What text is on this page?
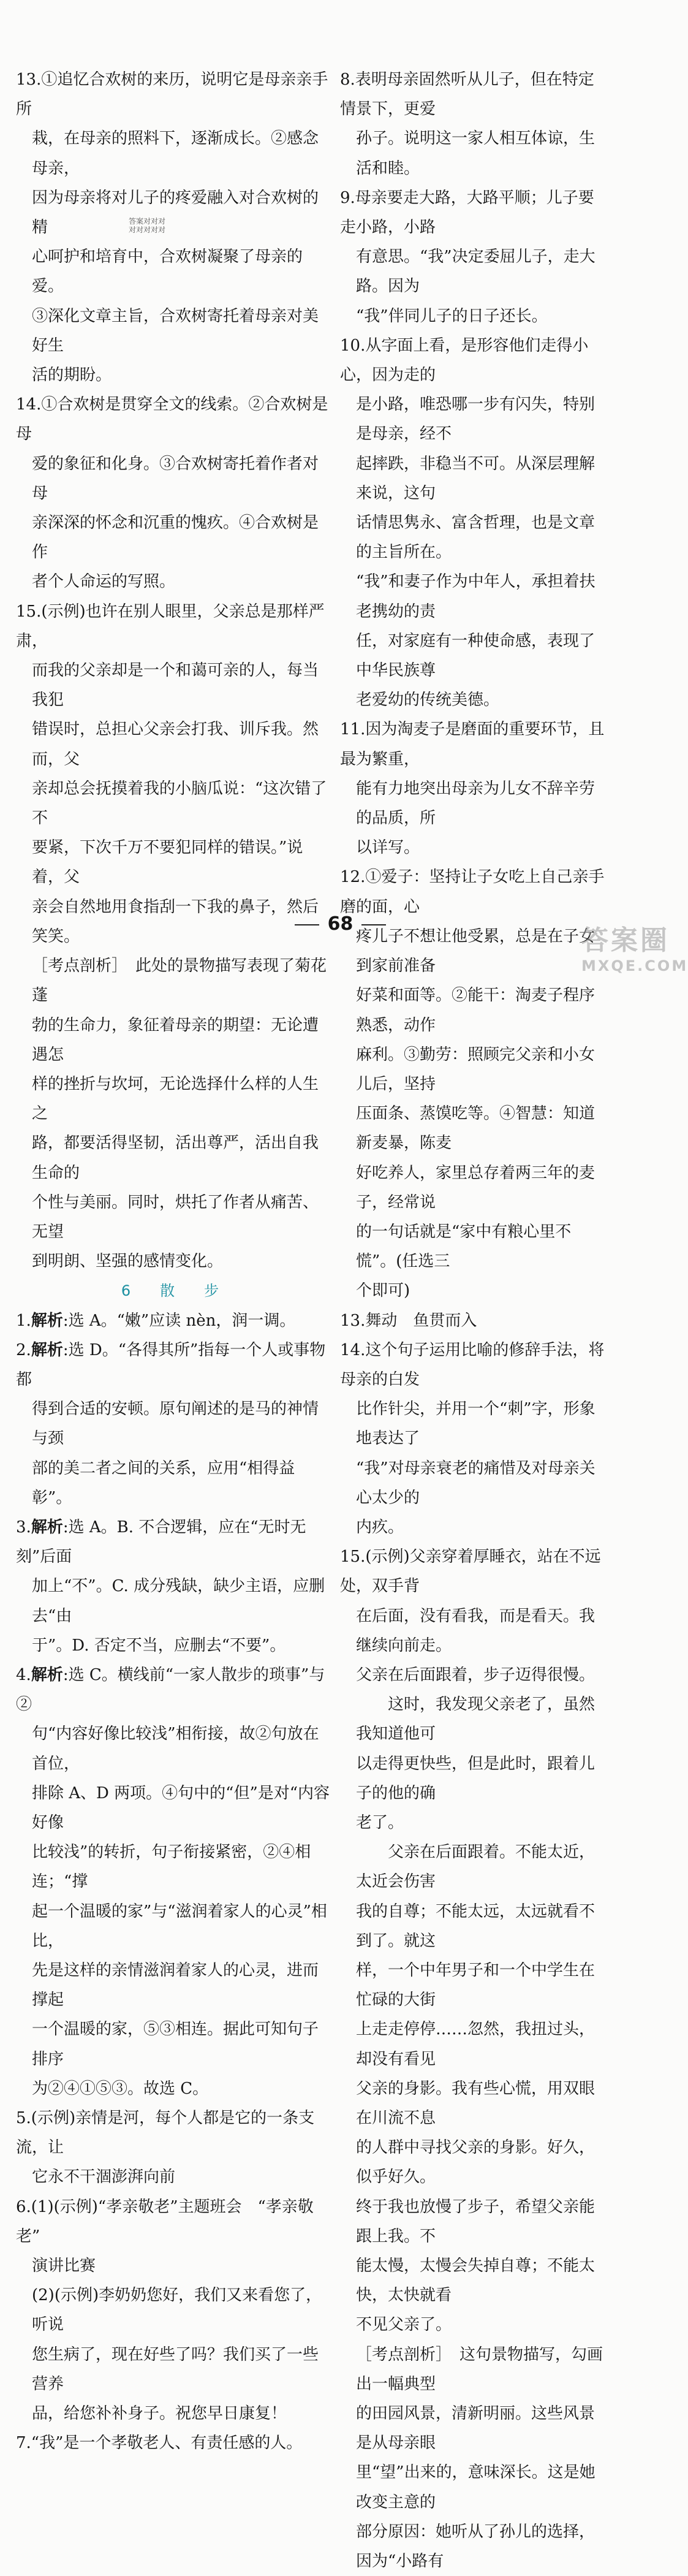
13.①追忆合欢树的来历，说明它是母亲亲手所
栽，在母亲的照料下，逐渐成长。②感念母亲，
因为母亲将对儿子的疼爱融入对合欢树的精
心呵护和培育中，合欢树凝聚了母亲的爱。
③深化文章主旨，合欢树寄托着母亲对美好生
活的期盼。
14.①合欢树是贯穿全文的线索。②合欢树是母
爱的象征和化身。③合欢树寄托着作者对母
亲深深的怀念和沉重的愧疚。④合欢树是作
者个人命运的写照。
15.(示例)也许在别人眼里，父亲总是那样严肃，
而我的父亲却是一个和蔼可亲的人，每当我犯
错误时，总担心父亲会打我、训斥我。然而，父
亲却总会抚摸着我的小脑瓜说：“这次错了不
要紧，下次千万不要犯同样的错误。”说着，父
亲会自然地用食指刮一下我的鼻子，然后
笑笑。
［考点剖析］　此处的景物描写表现了菊花蓬
勃的生命力，象征着母亲的期望：无论遭遇怎
样的挫折与坎坷，无论选择什么样的人生之
路，都要活得坚韧，活出尊严，活出自我生命的
个性与美丽。同时，烘托了作者从痛苦、无望
到明朗、坚强的感情变化。
6　散　步
1.解析:选 A。“嫩”应读 nèn，润一调。
2.解析:选 D。“各得其所”指每一个人或事物都
得到合适的安顿。原句阐述的是马的神情与颈
部的美二者之间的关系，应用“相得益彰”。
3.解析:选 A。B. 不合逻辑，应在“无时无刻”后面
加上“不”。C. 成分残缺，缺少主语，应删去“由
于”。D. 否定不当，应删去“不要”。
4.解析:选 C。横线前“一家人散步的琐事”与②
句“内容好像比较浅”相衔接，故②句放在首位，
排除 A、D 两项。④句中的“但”是对“内容好像
比较浅”的转折，句子衔接紧密，②④相连；“撑
起一个温暖的家”与“滋润着家人的心灵”相比，
先是这样的亲情滋润着家人的心灵，进而撑起
一个温暖的家，⑤③相连。据此可知句子排序
为②④①⑤③。故选 C。
5.(示例)亲情是河，每个人都是它的一条支流，让
它永不干涸澎湃向前
6.(1)(示例)“孝亲敬老”主题班会　“孝亲敬老”
演讲比赛
(2)(示例)李奶奶您好，我们又来看您了，听说
您生病了，现在好些了吗？我们买了一些营养
品，给您补补身子。祝您早日康复！
7.“我”是一个孝敬老人、有责任感的人。
答案对对对
对对对对对
8.表明母亲固然听从儿子，但在特定情景下，更爱
孙子。说明这一家人相互体谅，生活和睦。
9.母亲要走大路，大路平顺；儿子要走小路，小路
有意思。“我”决定委屈儿子，走大路。因为
“我”伴同儿子的日子还长。
10.从字面上看，是形容他们走得小心，因为走的
是小路，唯恐哪一步有闪失，特别是母亲，经不
起摔跌，非稳当不可。从深层理解来说，这句
话情思隽永、富含哲理，也是文章的主旨所在。
“我”和妻子作为中年人，承担着扶老携幼的责
任，对家庭有一种使命感，表现了中华民族尊
老爱幼的传统美德。
11.因为淘麦子是磨面的重要环节，且最为繁重，
能有力地突出母亲为儿女不辞辛劳的品质，所
以详写。
12.①爱子：坚持让子女吃上自己亲手磨的面，心
疼儿子不想让他受累，总是在子女到家前准备
好菜和面等。②能干：淘麦子程序熟悉，动作
麻利。③勤劳：照顾完父亲和小女儿后，坚持
压面条、蒸馍吃等。④智慧：知道新麦暴，陈麦
好吃养人，家里总存着两三年的麦子，经常说
的一句话就是“家中有粮心里不慌”。(任选三
个即可)
13.舞动　鱼贯而入
14.这个句子运用比喻的修辞手法，将母亲的白发
比作针尖，并用一个“刺”字，形象地表达了
“我”对母亲衰老的痛惜及对母亲关心太少的
内疚。
15.(示例)父亲穿着厚睡衣，站在不远处，双手背
在后面，没有看我，而是看天。我继续向前走。
父亲在后面跟着，步子迈得很慢。
这时，我发现父亲老了，虽然我知道他可
以走得更快些，但是此时，跟着儿子的他的确
老了。
父亲在后面跟着。不能太近，太近会伤害
我的自尊；不能太远，太远就看不到了。就这
样，一个中年男子和一个中学生在忙碌的大街
上走走停停……忽然，我扭过头，却没有看见
父亲的身影。我有些心慌，用双眼在川流不息
的人群中寻找父亲的身影。好久，似乎好久。
终于我也放慢了步子，希望父亲能跟上我。不
能太慢，太慢会失掉自尊；不能太快，太快就看
不见父亲了。
［考点剖析］　这句景物描写，勾画出一幅典型
的田园风景，清新明丽。这些风景是从母亲眼
里“望”出来的，意味深长。这是她改变主意的
部分原因：她听从了孙儿的选择，因为“小路有
68
答案圈
MXQE.COM
